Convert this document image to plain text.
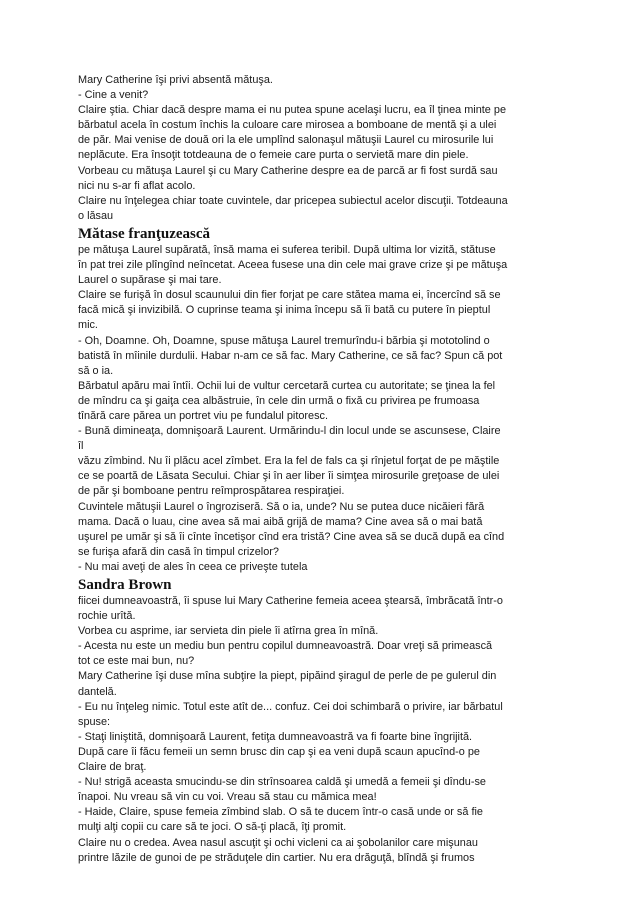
Mary Catherine îşi privi absentă mătuşa.
- Cine a venit?
Claire ştia. Chiar dacă despre mama ei nu putea spune acelaşi lucru, ea îl ţinea minte pe
bărbatul acela în costum închis la culoare care mirosea a bomboane de mentă şi a ulei
de păr. Mai venise de două ori la ele umplînd salonaşul mătuşii Laurel cu mirosurile lui
neplăcute. Era însoţit totdeauna de o femeie care purta o servietă mare din piele.
Vorbeau cu mătuşa Laurel şi cu Mary Catherine despre ea de parcă ar fi fost surdă sau
nici nu s-ar fi aflat acolo.
Claire nu înţelegea chiar toate cuvintele, dar pricepea subiectul acelor discuţii. Totdeauna
o lăsau
Mătase franţuzească
pe mătuşa Laurel supărată, însă mama ei suferea teribil. După ultima lor vizită, stătuse
în pat trei zile plîngînd neîncetat. Aceea fusese una din cele mai grave crize şi pe mătuşa
Laurel o supărase şi mai tare.
Claire se furişă în dosul scaunului din fier forjat pe care stătea mama ei, încercînd să se
facă mică şi invizibilă. O cuprinse teama şi inima începu să îi bată cu putere în pieptul
mic.
- Oh, Doamne. Oh, Doamne, spuse mătuşa Laurel tremurîndu-i bărbia şi mototolind o
batistă în mîinile durdulii. Habar n-am ce să fac. Mary Catherine, ce să fac? Spun că pot
să o ia.
Bărbatul apăru mai întîi. Ochii lui de vultur cercetară curtea cu autoritate; se ţinea la fel
de mîndru ca şi gaiţa cea albăstruie, în cele din urmă o fixă cu privirea pe frumoasa
tînără care părea un portret viu pe fundalul pitoresc.
- Bună dimineaţa, domnişoară Laurent. Urmărindu-l din locul unde se ascunsese, Claire
îl
văzu zîmbind. Nu îi plăcu acel zîmbet. Era la fel de fals ca şi rînjetul forţat de pe măştile
ce se poartă de Lăsata Secului. Chiar şi în aer liber îi simţea mirosurile greţoase de ulei
de păr şi bomboane pentru reîmprospătarea respiraţiei.
Cuvintele mătuşii Laurel o îngroziseră. Să o ia, unde? Nu se putea duce nicăieri fără
mama. Dacă o luau, cine avea să mai aibă grijă de mama? Cine avea să o mai bată
uşurel pe umăr şi să îi cînte încetişor cînd era tristă? Cine avea să se ducă după ea cînd
se furişa afară din casă în timpul crizelor?
- Nu mai aveţi de ales în ceea ce priveşte tutela
Sandra Brown
fiicei dumneavoastră, îi spuse lui Mary Catherine femeia aceea ştearsă, îmbrăcată într-o
rochie urîtă.
Vorbea cu asprime, iar servieta din piele îi atîrna grea în mînă.
- Acesta nu este un mediu bun pentru copilul dumneavoastră. Doar vreţi să primească
tot ce este mai bun, nu?
Mary Catherine îşi duse mîna subţire la piept, pipăind şiragul de perle de pe gulerul din
dantelă.
- Eu nu înţeleg nimic. Totul este atît de... confuz. Cei doi schimbară o privire, iar bărbatul
spuse:
- Staţi liniştită, domnişoară Laurent, fetiţa dumneavoastră va fi foarte bine îngrijită.
După care îi făcu femeii un semn brusc din cap şi ea veni după scaun apucînd-o pe
Claire de braţ.
- Nu! strigă aceasta smucindu-se din strînsoarea caldă şi umedă a femeii şi dîndu-se
înapoi. Nu vreau să vin cu voi. Vreau să stau cu mămica mea!
- Haide, Claire, spuse femeia zîmbind slab. O să te ducem într-o casă unde or să fie
mulţi alţi copii cu care să te joci. O să-ţi placă, îţi promit.
Claire nu o credea. Avea nasul ascuţit şi ochi vicleni ca ai şobolanilor care mişunau
printre lăzile de gunoi de pe străduţele din cartier. Nu era drăguţă, blîndă şi frumos
